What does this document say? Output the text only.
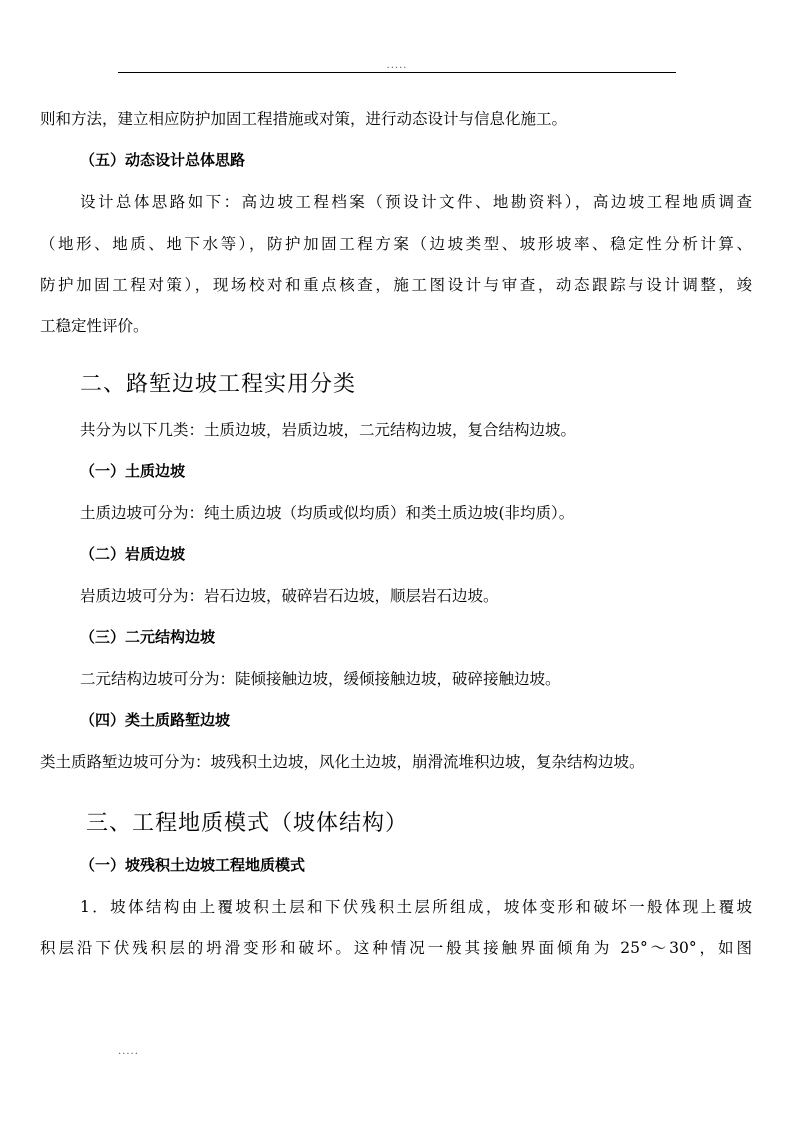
.....
则和方法，建立相应防护加固工程措施或对策，进行动态设计与信息化施工。
（五）动态设计总体思路
设计总体思路如下：高边坡工程档案（预设计文件、地勘资料），高边坡工程地质调查
（地形、地质、地下水等），防护加固工程方案（边坡类型、坡形坡率、稳定性分析计算、
防护加固工程对策），现场校对和重点核查，施工图设计与审查，动态跟踪与设计调整，竣
工稳定性评价。
二、路堑边坡工程实用分类
共分为以下几类：土质边坡，岩质边坡，二元结构边坡，复合结构边坡。
（一）土质边坡
土质边坡可分为：纯土质边坡（均质或似均质）和类土质边坡(非均质）。
（二）岩质边坡
岩质边坡可分为：岩石边坡，破碎岩石边坡，顺层岩石边坡。
（三）二元结构边坡
二元结构边坡可分为：陡倾接触边坡，缓倾接触边坡，破碎接触边坡。
（四）类土质路堑边坡
类土质路堑边坡可分为：坡残积土边坡，风化土边坡，崩滑流堆积边坡，复杂结构边坡。
三、工程地质模式（坡体结构）
（一）坡残积土边坡工程地质模式
1．坡体结构由上覆坡积土层和下伏残积土层所组成，坡体变形和破坏一般体现上覆坡
积层沿下伏残积层的坍滑变形和破坏。这种情况一般其接触界面倾角为 25°～30°，如图
.....
